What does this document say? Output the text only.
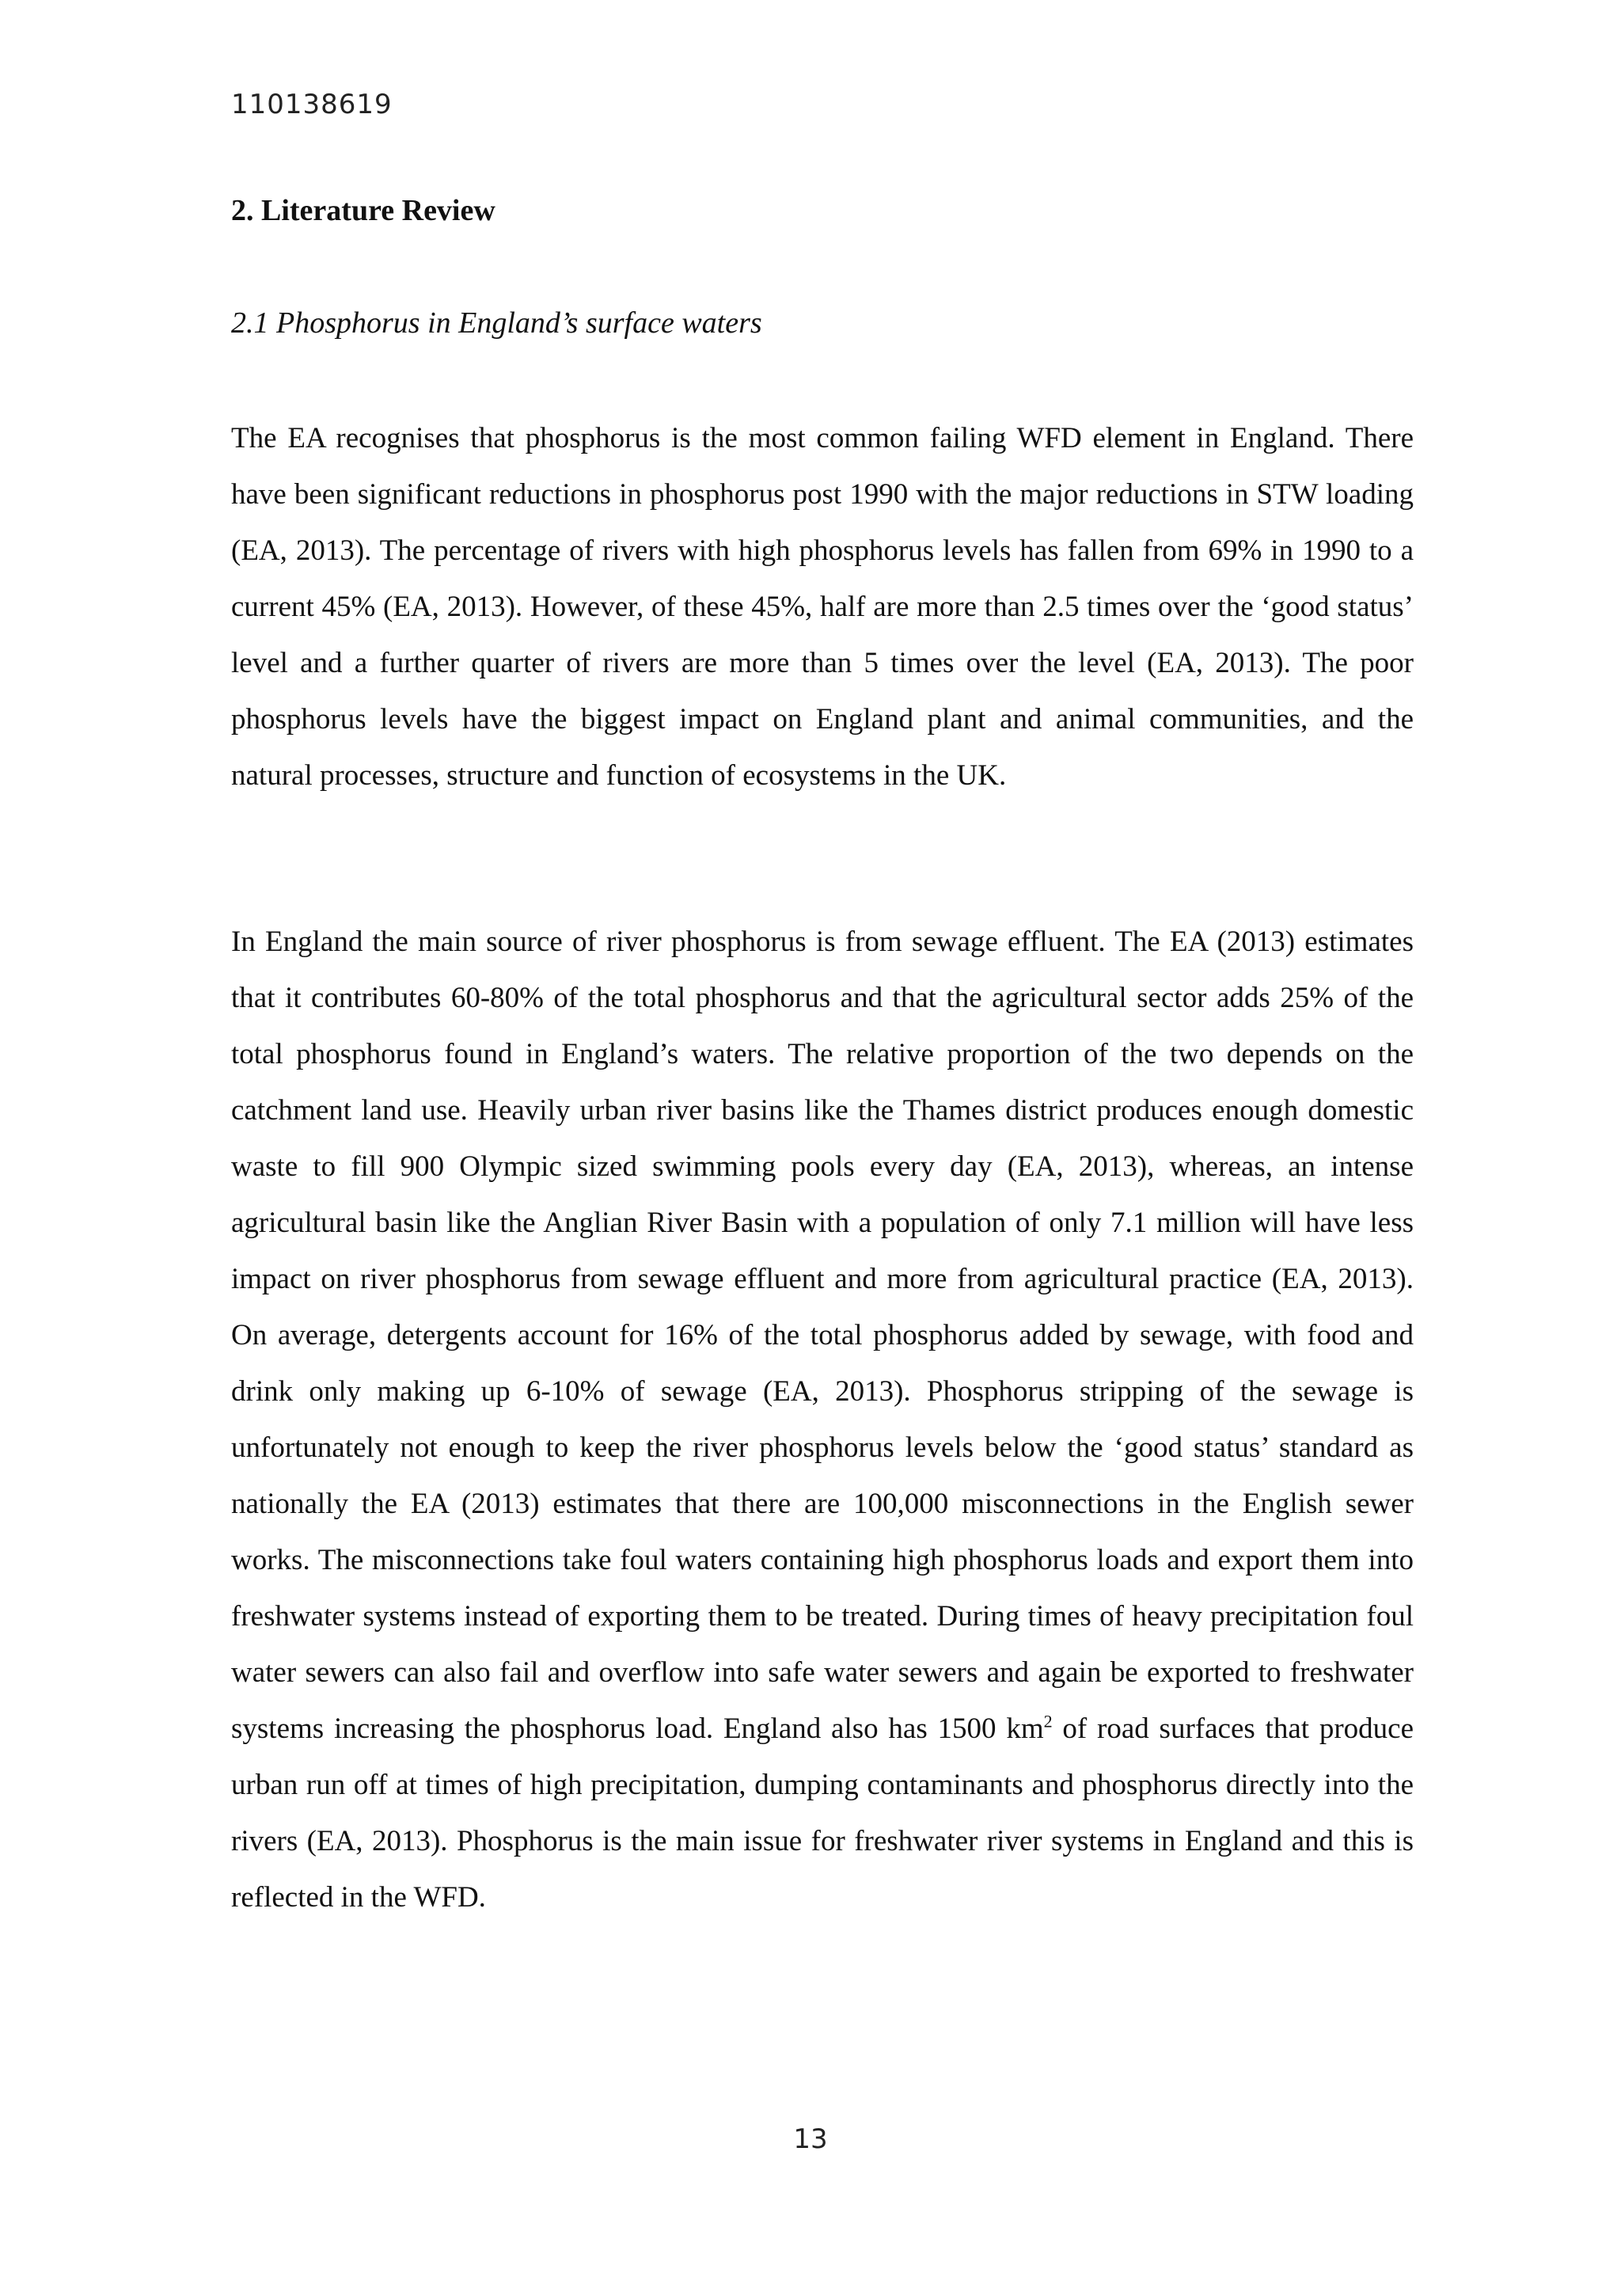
110138619
2. Literature Review
2.1 Phosphorus in England’s surface waters

The EA recognises that phosphorus is the most common failing WFD element in England. There have been significant reductions in phosphorus post 1990 with the major reductions in STW loading (EA, 2013). The percentage of rivers with high phosphorus levels has fallen from 69% in 1990 to a current 45% (EA, 2013). However, of these 45%, half are more than 2.5 times over the ‘good status’ level and a further quarter of rivers are more than 5 times over the level (EA, 2013). The poor phosphorus levels have the biggest impact on England plant and animal communities, and the natural processes, structure and function of ecosystems in the UK.

In England the main source of river phosphorus is from sewage effluent. The EA (2013) estimates that it contributes 60-80% of the total phosphorus and that the agricultural sector adds 25% of the total phosphorus found in England’s waters. The relative proportion of the two depends on the catchment land use. Heavily urban river basins like the Thames district produces enough domestic waste to fill 900 Olympic sized swimming pools every day (EA, 2013), whereas, an intense agricultural basin like the Anglian River Basin with a population of only 7.1 million will have less impact on river phosphorus from sewage effluent and more from agricultural practice (EA, 2013). On average, detergents account for 16% of the total phosphorus added by sewage, with food and drink only making up 6-10% of sewage (EA, 2013). Phosphorus stripping of the sewage is unfortunately not enough to keep the river phosphorus levels below the ‘good status’ standard as nationally the EA (2013) estimates that there are 100,000 misconnections in the English sewer works. The misconnections take foul waters containing high phosphorus loads and export them into freshwater systems instead of exporting them to be treated. During times of heavy precipitation foul water sewers can also fail and overflow into safe water sewers and again be exported to freshwater systems increasing the phosphorus load. England also has 1500 $km^2$ of road surfaces that produce urban run off at times of high precipitation, dumping contaminants and phosphorus directly into the rivers (EA, 2013). Phosphorus is the main issue for freshwater river systems in England and this is reflected in the WFD.

13
